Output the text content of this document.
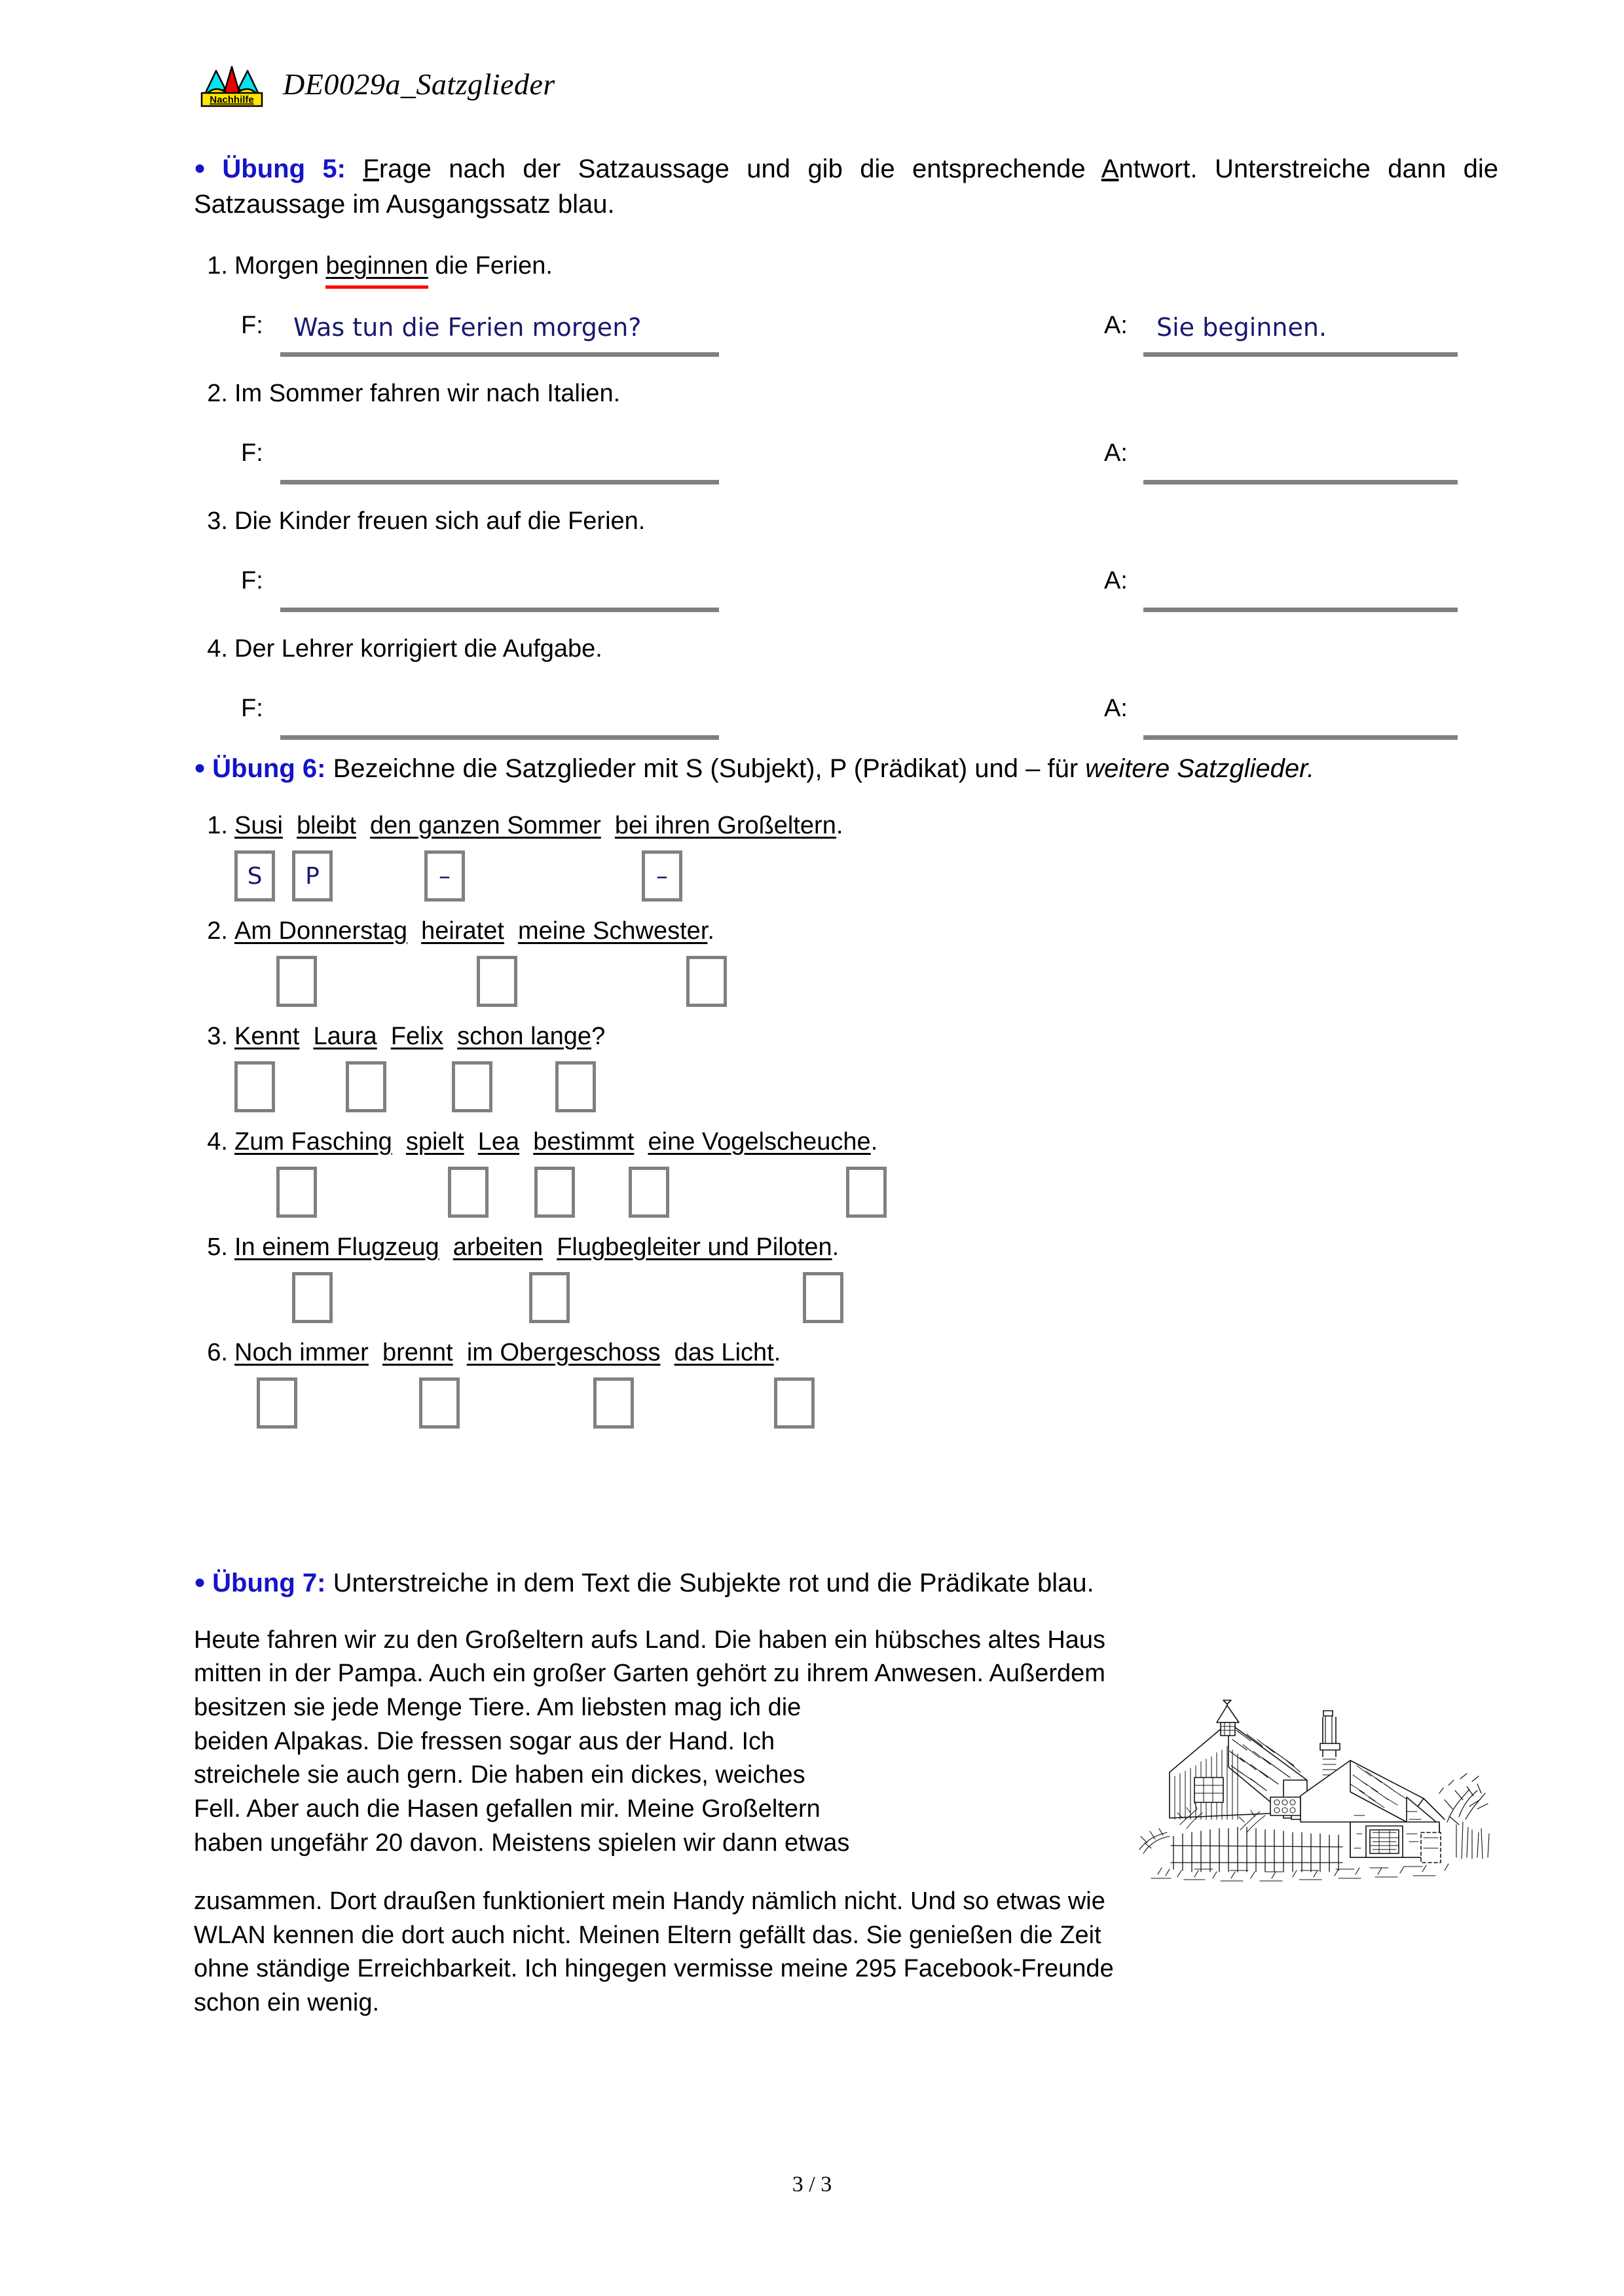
Nachhilfe DE0029a_Satzglieder

● Übung 5: Frage nach der Satzaussage und gib die entsprechende Antwort. Unterstreiche dann die Satzaussage im Ausgangssatz blau.

1. Morgen beginnen die Ferien.
F: Was tun die Ferien morgen?	A: Sie beginnen.
2. Im Sommer fahren wir nach Italien.
F:	A:
3. Die Kinder freuen sich auf die Ferien.
F:	A:
4. Der Lehrer korrigiert die Aufgabe.
F:	A:

● Übung 6: Bezeichne die Satzglieder mit S (Subjekt), P (Prädikat) und – für weitere Satzglieder.

1. Susi bleibt den ganzen Sommer bei ihren Großeltern.
S	P	–	–
2. Am Donnerstag heiratet meine Schwester.
3. Kennt Laura Felix schon lange?
4. Zum Fasching spielt Lea bestimmt eine Vogelscheuche.
5. In einem Flugzeug arbeiten Flugbegleiter und Piloten.
6. Noch immer brennt im Obergeschoss das Licht.

● Übung 7: Unterstreiche in dem Text die Subjekte rot und die Prädikate blau.

Heute fahren wir zu den Großeltern aufs Land. Die haben ein hübsches altes Haus
mitten in der Pampa. Auch ein großer Garten gehört zu ihrem Anwesen. Außerdem
besitzen sie jede Menge Tiere. Am liebsten mag ich die
beiden Alpakas. Die fressen sogar aus der Hand. Ich
streichele sie auch gern. Die haben ein dickes, weiches
Fell. Aber auch die Hasen gefallen mir. Meine Großeltern
haben ungefähr 20 davon. Meistens spielen wir dann etwas
zusammen. Dort draußen funktioniert mein Handy nämlich nicht. Und so etwas wie
WLAN kennen die dort auch nicht. Meinen Eltern gefällt das. Sie genießen die Zeit
ohne ständige Erreichbarkeit. Ich hingegen vermisse meine 295 Facebook-Freunde
schon ein wenig.
3 / 3
